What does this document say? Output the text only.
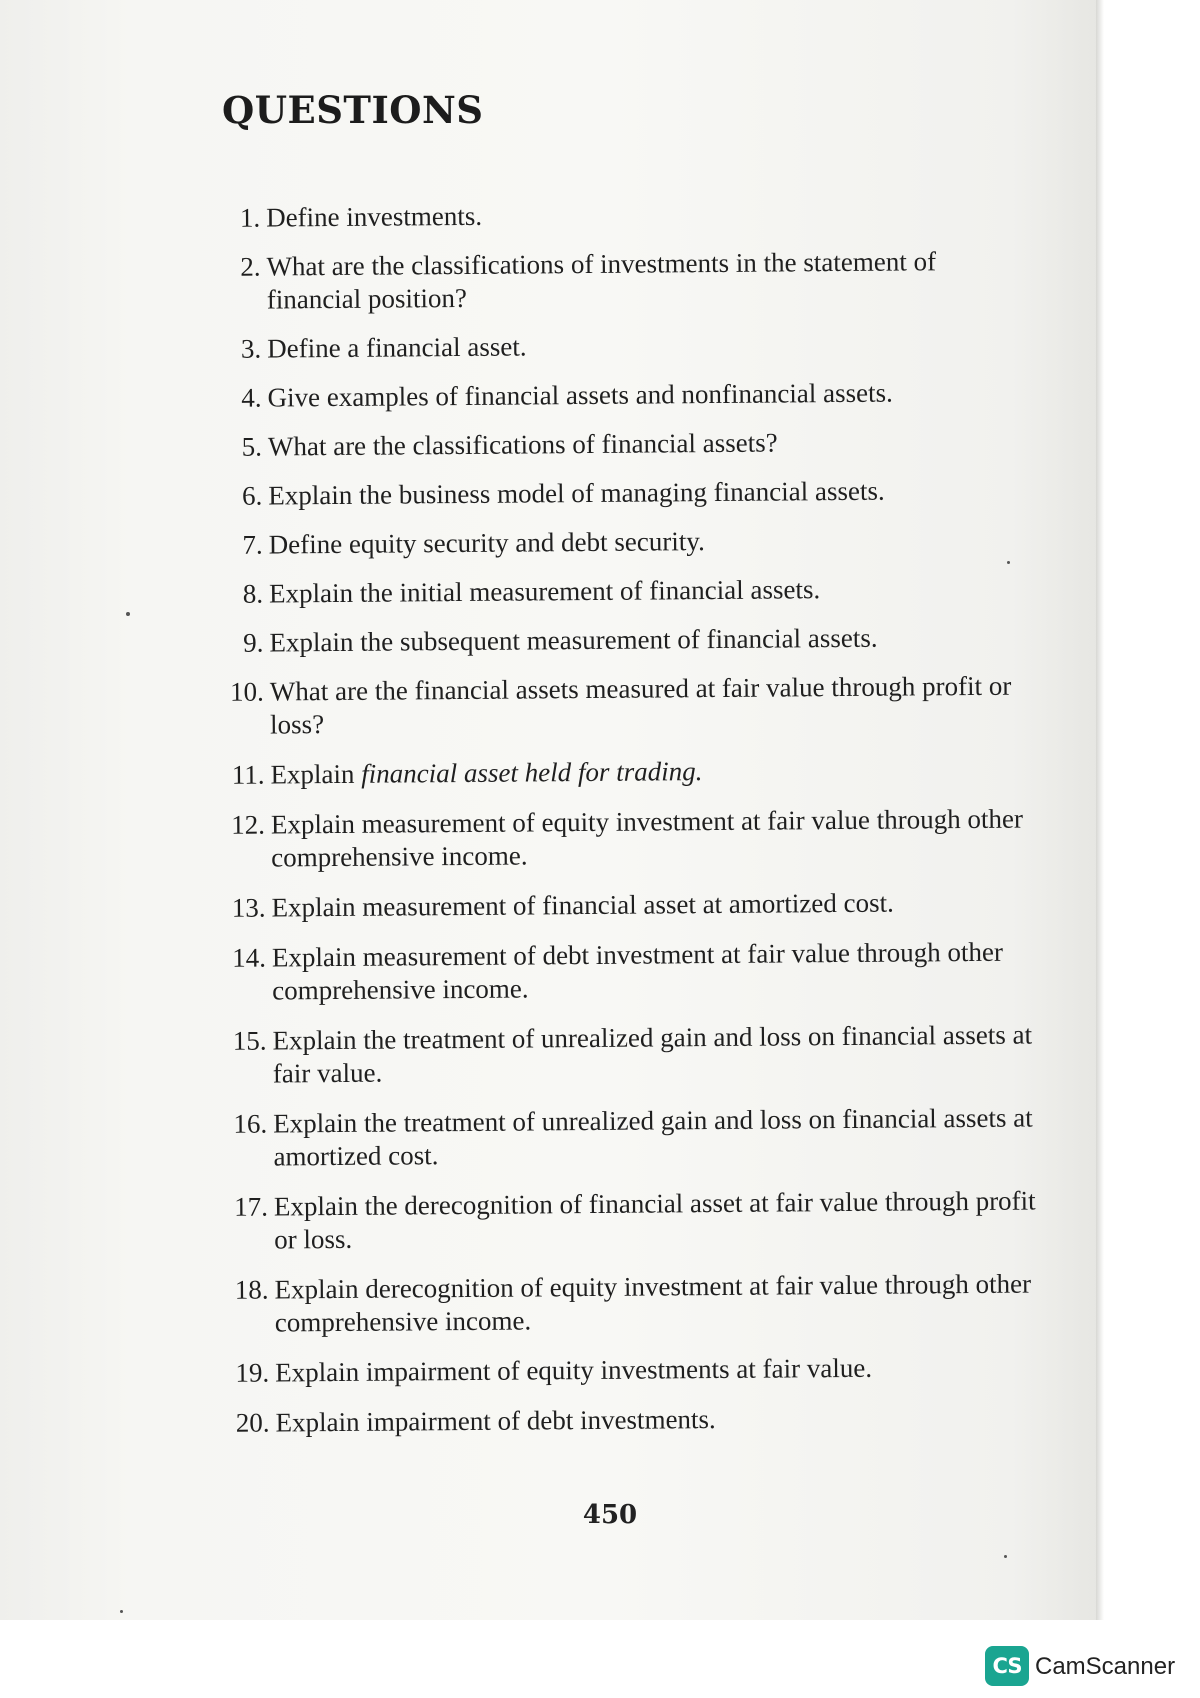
QUESTIONS
1. Define investments.
2. What are the classifications of investments in the statement of financial position?
3. Define a financial asset.
4. Give examples of financial assets and nonfinancial assets.
5. What are the classifications of financial assets?
6. Explain the business model of managing financial assets.
7. Define equity security and debt security.
8. Explain the initial measurement of financial assets.
9. Explain the subsequent measurement of financial assets.
10. What are the financial assets measured at fair value through profit or loss?
11. Explain financial asset held for trading.
12. Explain measurement of equity investment at fair value through other comprehensive income.
13. Explain measurement of financial asset at amortized cost.
14. Explain measurement of debt investment at fair value through other comprehensive income.
15. Explain the treatment of unrealized gain and loss on financial assets at fair value.
16. Explain the treatment of unrealized gain and loss on financial assets at amortized cost.
17. Explain the derecognition of financial asset at fair value through profit or loss.
18. Explain derecognition of equity investment at fair value through other comprehensive income.
19. Explain impairment of equity investments at fair value.
20. Explain impairment of debt investments.
450
CS CamScanner
